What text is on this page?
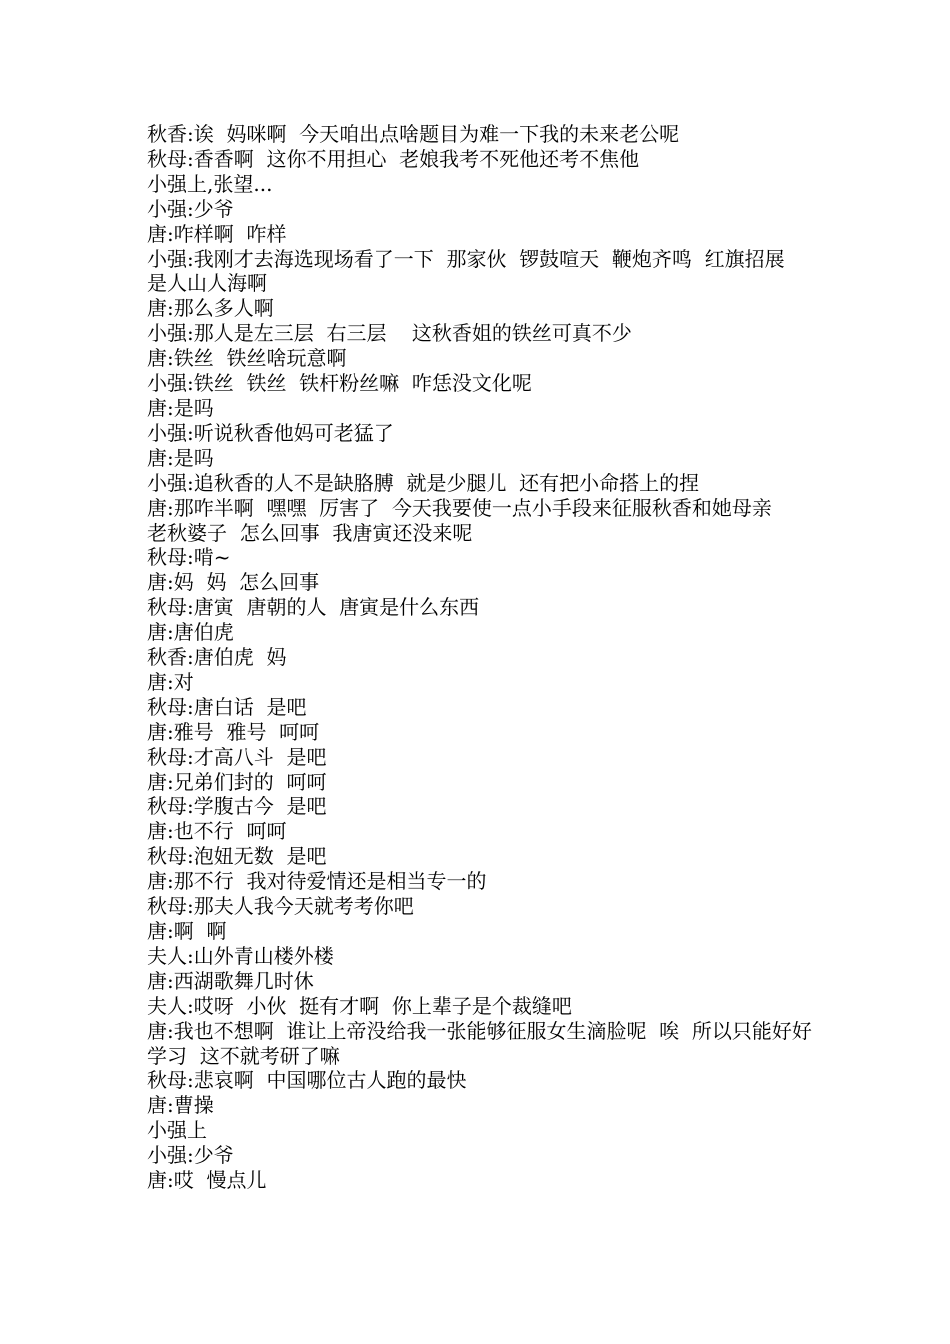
秋香:诶  妈咪啊  今天咱出点啥题目为难一下我的未来老公呢

秋母:香香啊  这你不用担心  老娘我考不死他还考不焦他

小强上,张望...

小强:少爷

唐:咋样啊  咋样

小强:我刚才去海选现场看了一下  那家伙  锣鼓喧天  鞭炮齐鸣  红旗招展  是人山人海啊

唐:那么多人啊

小强:那人是左三层  右三层    这秋香姐的铁丝可真不少

唐:铁丝  铁丝啥玩意啊

小强:铁丝  铁丝  铁杆粉丝嘛  咋恁没文化呢

唐:是吗

小强:听说秋香他妈可老猛了

唐:是吗

小强:追秋香的人不是缺胳膊  就是少腿儿  还有把小命搭上的捏

唐:那咋半啊  嘿嘿  厉害了  今天我要使一点小手段来征服秋香和她母亲

老秋婆子  怎么回事  我唐寅还没来呢

秋母:啃~

唐:妈  妈  怎么回事

秋母:唐寅  唐朝的人  唐寅是什么东西

唐:唐伯虎

秋香:唐伯虎  妈

唐:对

秋母:唐白话  是吧

唐:雅号  雅号  呵呵

秋母:才高八斗  是吧

唐:兄弟们封的  呵呵

秋母:学腹古今  是吧

唐:也不行  呵呵

秋母:泡妞无数  是吧

唐:那不行  我对待爱情还是相当专一的

秋母:那夫人我今天就考考你吧

唐:啊  啊

夫人:山外青山楼外楼

唐:西湖歌舞几时休

夫人:哎呀  小伙  挺有才啊  你上辈子是个裁缝吧

唐:我也不想啊  谁让上帝没给我一张能够征服女生滴脸呢  唉  所以只能好好学习  这不就考研了嘛

秋母:悲哀啊  中国哪位古人跑的最快

唐:曹操

小强上

小强:少爷

唐:哎  慢点儿
